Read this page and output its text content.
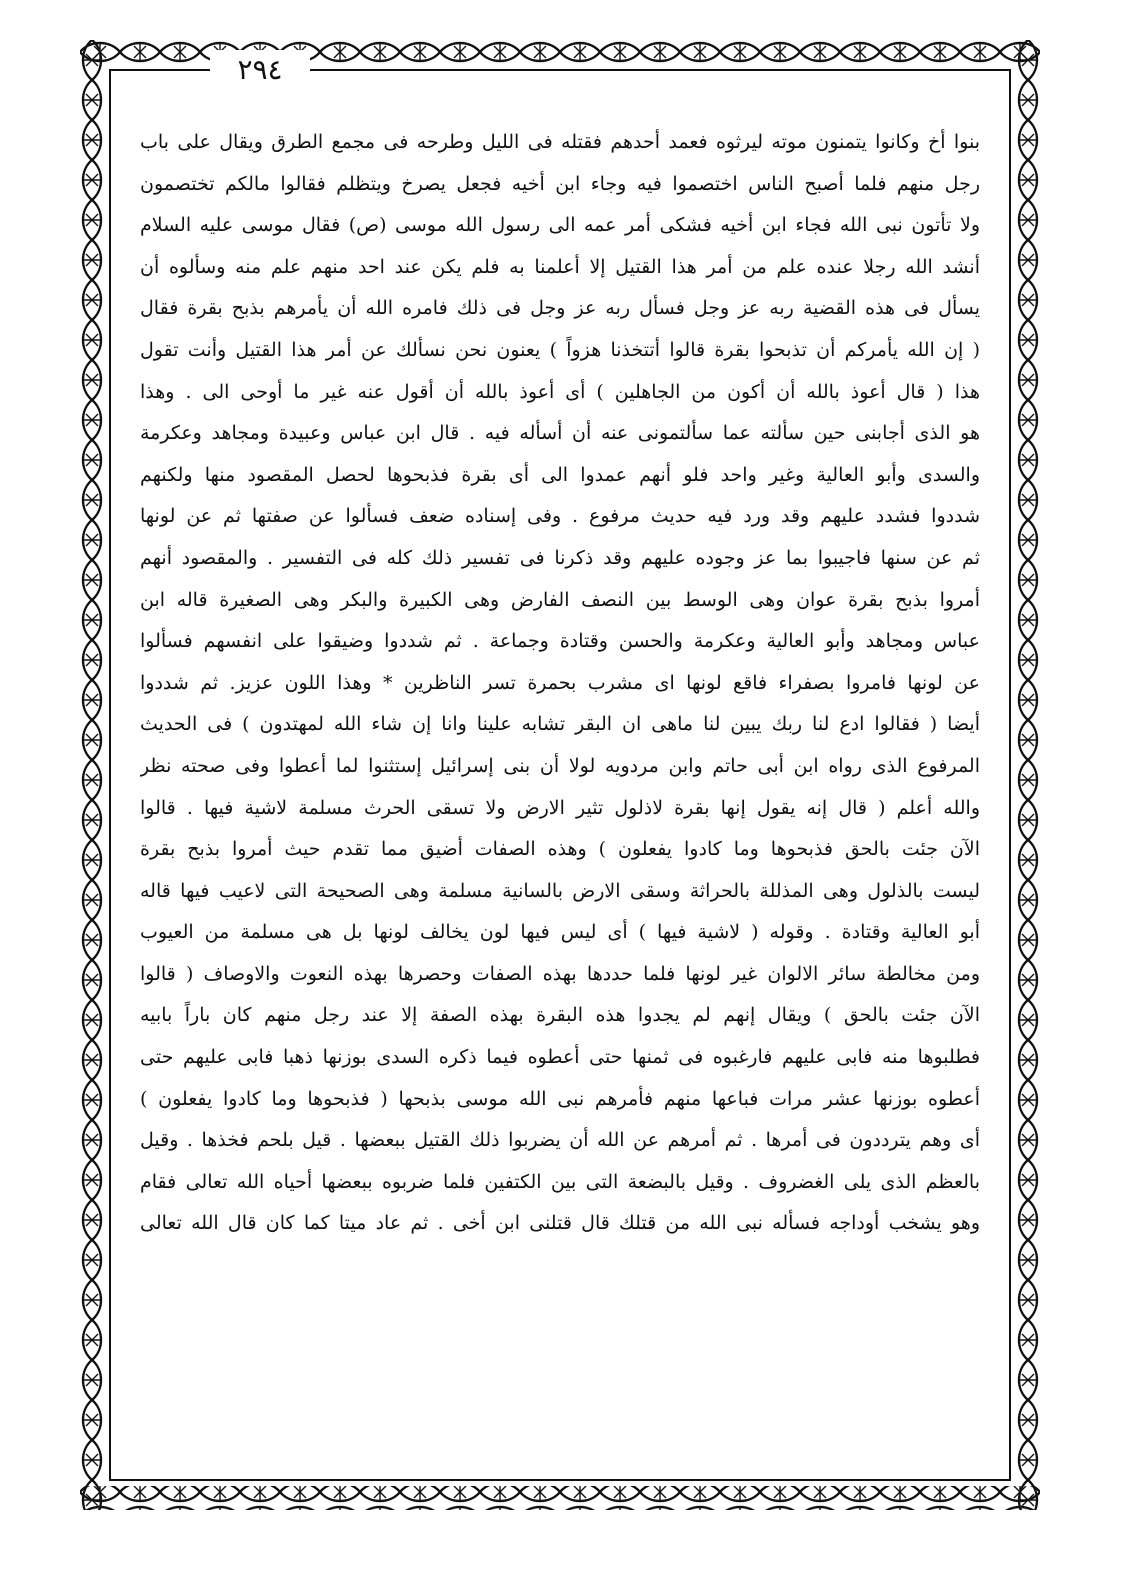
٢٩٤
بنوا أخ وكانوا يتمنون موته ليرثوه فعمد أحدهم فقتله فى الليل وطرحه فى مجمع الطرق ويقال على باب
رجل منهم فلما أصبح الناس اختصموا فيه وجاء ابن أخيه فجعل يصرخ ويتظلم فقالوا مالكم تختصمون
ولا تأتون نبى الله فجاء ابن أخيه فشكى أمر عمه الى رسول الله موسى (ص) فقال موسى عليه السلام
أنشد الله رجلا عنده علم من أمر هذا القتيل إلا أعلمنا به فلم يكن عند احد منهم علم منه وسألوه أن
يسأل فى هذه القضية ربه عز وجل فسأل ربه عز وجل فى ذلك فامره الله أن يأمرهم بذبح بقرة فقال
( إن الله يأمركم أن تذبحوا بقرة قالوا أتتخذنا هزواً ) يعنون نحن نسألك عن أمر هذا القتيل وأنت تقول
هذا ( قال أعوذ بالله أن أكون من الجاهلين ) أى أعوذ بالله أن أقول عنه غير ما أوحى الى . وهذا
هو الذى أجابنى حين سألته عما سألتمونى عنه أن أسأله فيه . قال ابن عباس وعبيدة ومجاهد وعكرمة
والسدى وأبو العالية وغير واحد فلو أنهم عمدوا الى أى بقرة فذبحوها لحصل المقصود منها ولكنهم
شددوا فشدد عليهم وقد ورد فيه حديث مرفوع . وفى إسناده ضعف فسألوا عن صفتها ثم عن لونها
ثم عن سنها فاجيبوا بما عز وجوده عليهم وقد ذكرنا فى تفسير ذلك كله فى التفسير . والمقصود أنهم
أمروا بذبح بقرة عوان وهى الوسط بين النصف الفارض وهى الكبيرة والبكر وهى الصغيرة قاله ابن
عباس ومجاهد وأبو العالية وعكرمة والحسن وقتادة وجماعة . ثم شددوا وضيقوا على انفسهم فسألوا
عن لونها فامروا بصفراء فاقع لونها اى مشرب بحمرة تسر الناظرين * وهذا اللون عزيز. ثم شددوا
أيضا ( فقالوا ادع لنا ربك يبين لنا ماهى ان البقر تشابه علينا وانا إن شاء الله لمهتدون ) فى الحديث
المرفوع الذى رواه ابن أبى حاتم وابن مردويه لولا أن بنى إسرائيل إستثنوا لما أعطوا وفى صحته نظر
والله أعلم ( قال إنه يقول إنها بقرة لاذلول تثير الارض ولا تسقى الحرث مسلمة لاشية فيها . قالوا
الآن جئت بالحق فذبحوها وما كادوا يفعلون ) وهذه الصفات أضيق مما تقدم حيث أمروا بذبح بقرة
ليست بالذلول وهى المذللة بالحراثة وسقى الارض بالسانية مسلمة وهى الصحيحة التى لاعيب فيها قاله
أبو العالية وقتادة . وقوله ( لاشية فيها ) أى ليس فيها لون يخالف لونها بل هى مسلمة من العيوب
ومن مخالطة سائر الالوان غير لونها فلما حددها بهذه الصفات وحصرها بهذه النعوت والاوصاف ( قالوا
الآن جئت بالحق ) ويقال إنهم لم يجدوا هذه البقرة بهذه الصفة إلا عند رجل منهم كان باراً بابيه
فطلبوها منه فابى عليهم فارغبوه فى ثمنها حتى أعطوه فيما ذكره السدى بوزنها ذهبا فابى عليهم حتى
أعطوه بوزنها عشر مرات فباعها منهم فأمرهم نبى الله موسى بذبحها ( فذبحوها وما كادوا يفعلون )
أى وهم يترددون فى أمرها . ثم أمرهم عن الله أن يضربوا ذلك القتيل ببعضها . قيل بلحم فخذها . وقيل
بالعظم الذى يلى الغضروف . وقيل بالبضعة التى بين الكتفين فلما ضربوه ببعضها أحياه الله تعالى فقام
وهو يشخب أوداجه فسأله نبى الله من قتلك قال قتلنى ابن أخى . ثم عاد ميتا كما كان قال الله تعالى
